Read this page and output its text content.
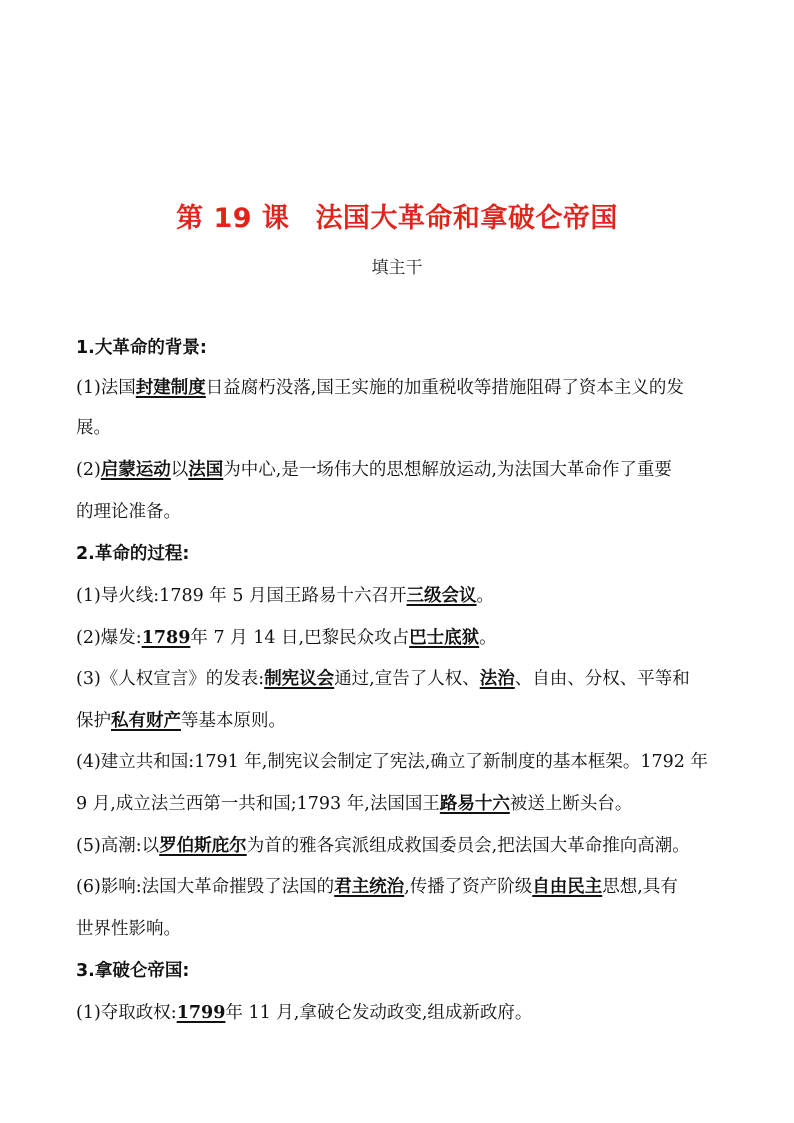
第 19 课 法国大革命和拿破仑帝国
填主干
1.大革命的背景:
(1)法国封建制度日益腐朽没落,国王实施的加重税收等措施阻碍了资本主义的发
展。
(2)启蒙运动以法国为中心,是一场伟大的思想解放运动,为法国大革命作了重要
的理论准备。
2.革命的过程:
(1)导火线:1789 年 5 月国王路易十六召开三级会议。
(2)爆发:1789年 7 月 14 日,巴黎民众攻占巴士底狱。
(3)《人权宣言》的发表:制宪议会通过,宣告了人权、法治、自由、分权、平等和
保护私有财产等基本原则。
(4)建立共和国:1791 年,制宪议会制定了宪法,确立了新制度的基本框架。1792 年
9 月,成立法兰西第一共和国;1793 年,法国国王路易十六被送上断头台。
(5)高潮:以罗伯斯庇尔为首的雅各宾派组成救国委员会,把法国大革命推向高潮。
(6)影响:法国大革命摧毁了法国的君主统治,传播了资产阶级自由民主思想,具有
世界性影响。
3.拿破仑帝国:
(1)夺取政权:1799年 11 月,拿破仑发动政变,组成新政府。
